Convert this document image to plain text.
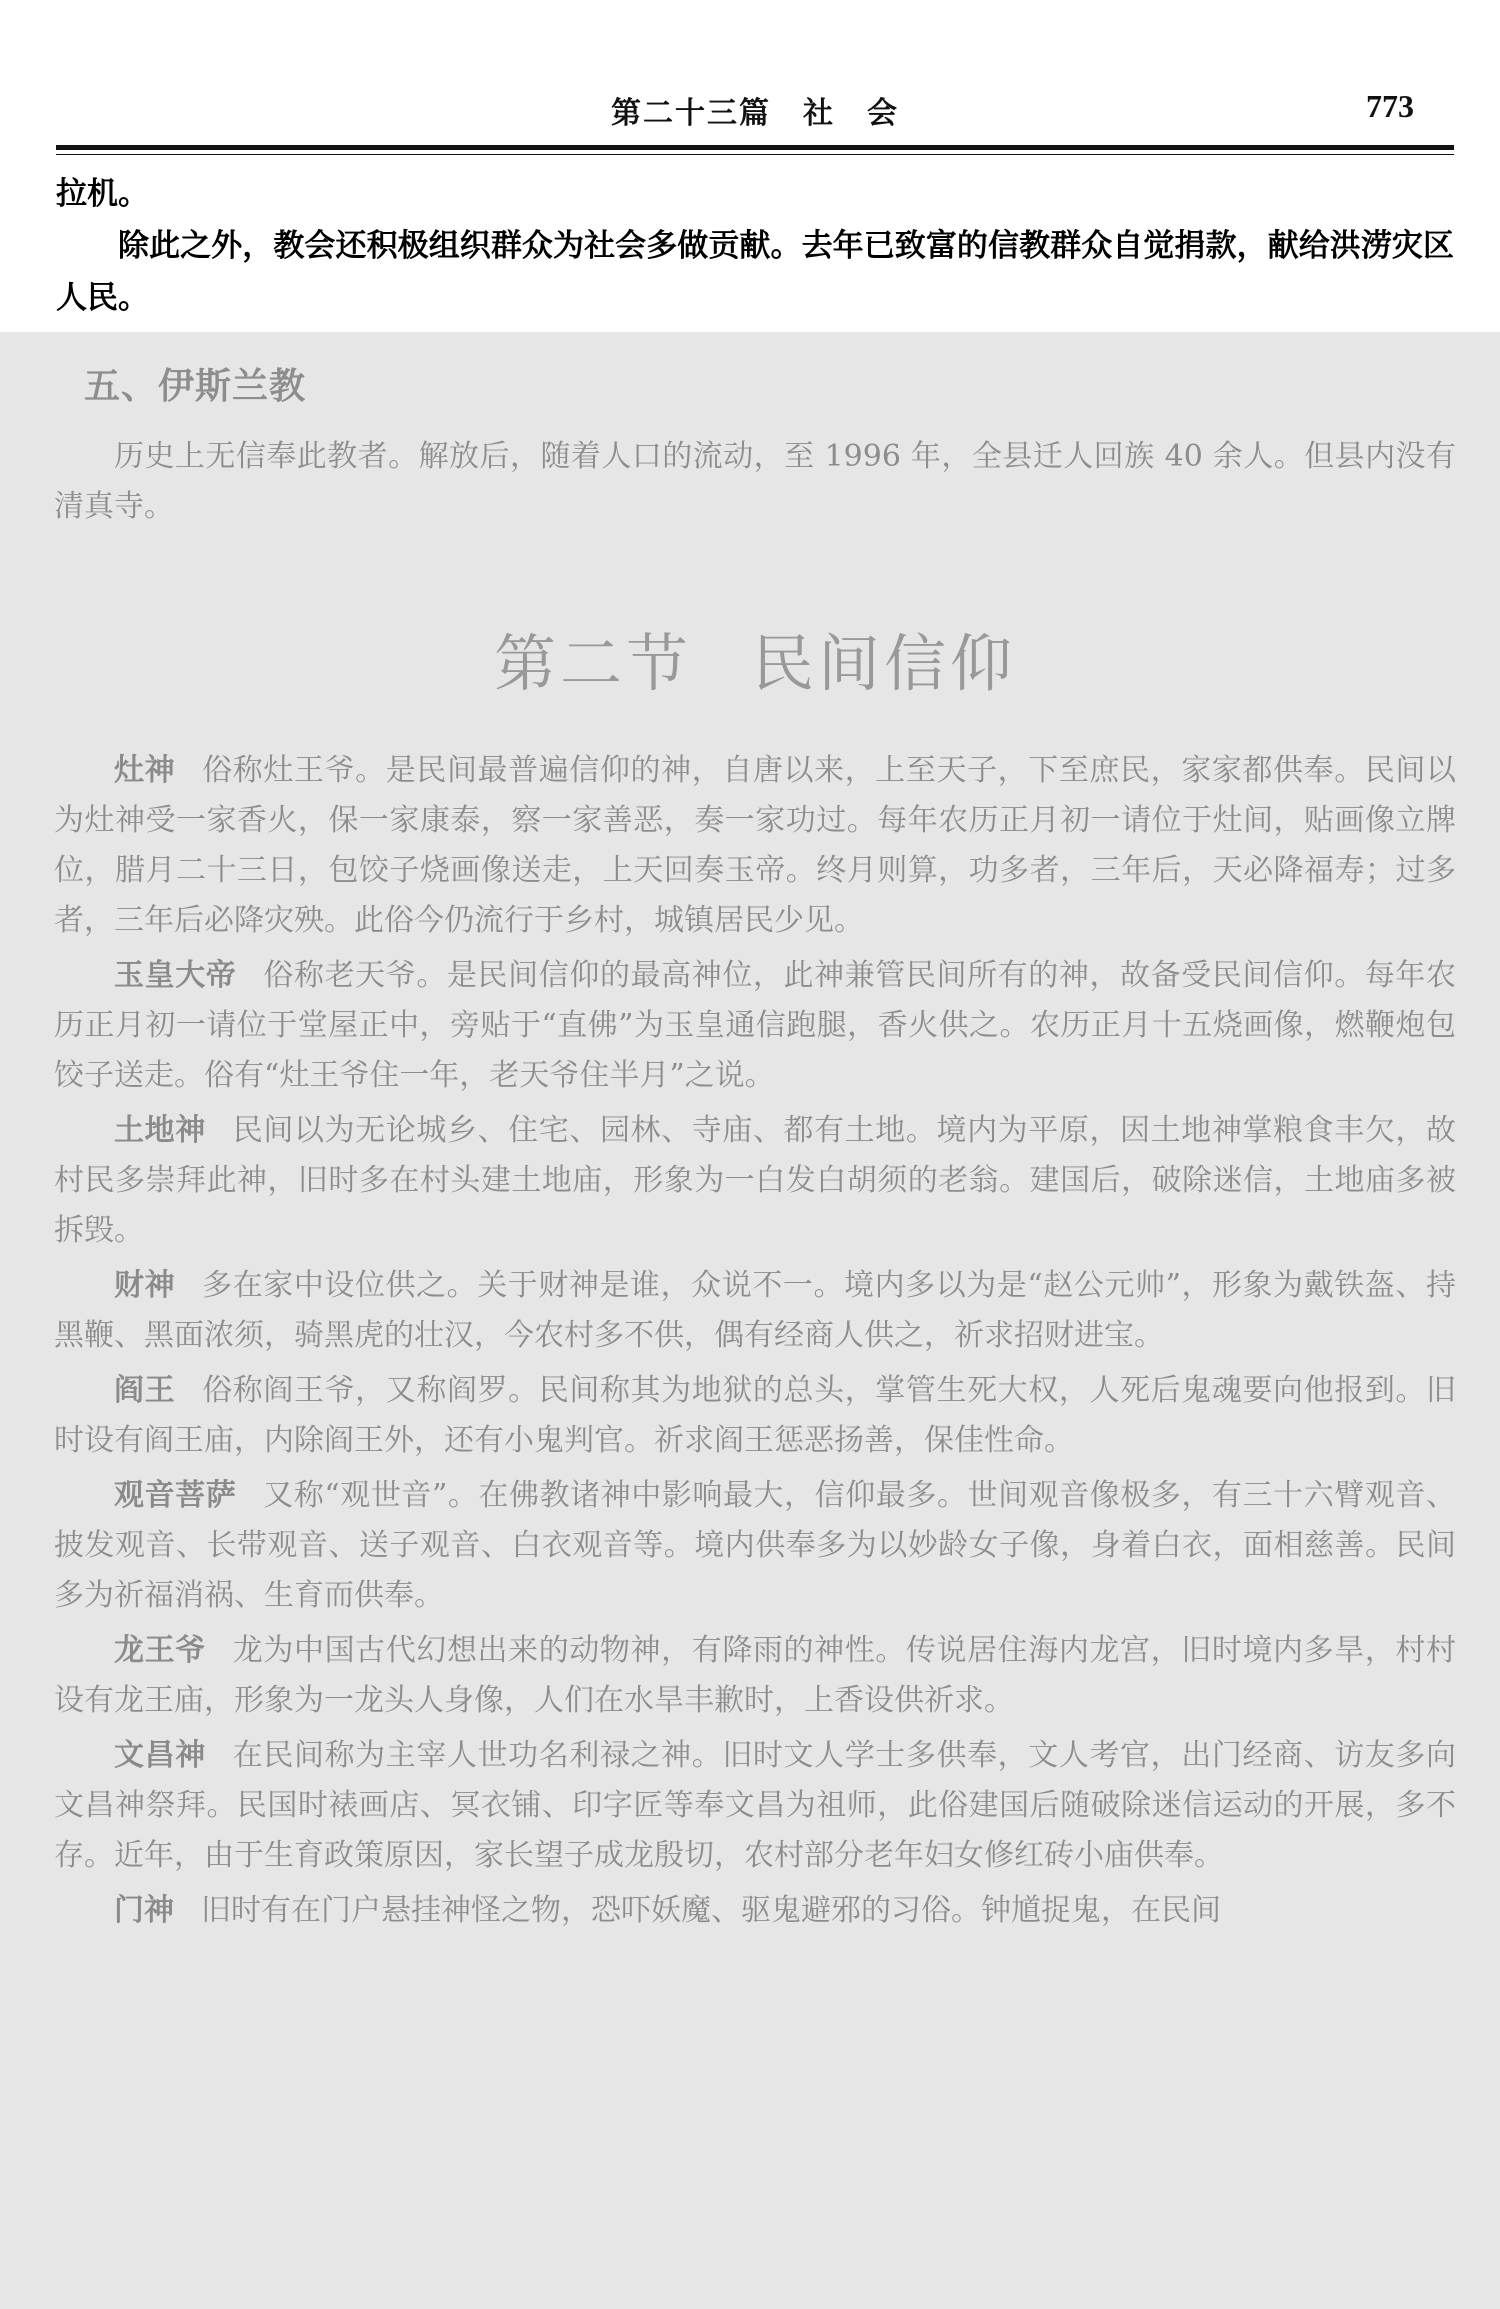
第二十三篇　社　会	773

拉机。

除此之外，教会还积极组织群众为社会多做贡献。去年已致富的信教群众自觉捐款，献给洪涝灾区人民。

五、伊斯兰教

历史上无信奉此教者。解放后，随着人口的流动，至 1996 年，全县迁人回族 40 余人。但县内没有清真寺。

第二节 民间信仰

灶神 俗称灶王爷。是民间最普遍信仰的神，自唐以来，上至天子，下至庶民，家家都供奉。民间以为灶神受一家香火，保一家康泰，察一家善恶，奏一家功过。每年农历正月初一请位于灶间，贴画像立牌位，腊月二十三日，包饺子烧画像送走，上天回奏玉帝。终月则算，功多者，三年后，天必降福寿；过多者，三年后必降灾殃。此俗今仍流行于乡村，城镇居民少见。

玉皇大帝 俗称老天爷。是民间信仰的最高神位，此神兼管民间所有的神，故备受民间信仰。每年农历正月初一请位于堂屋正中，旁贴于“直佛”为玉皇通信跑腿，香火供之。农历正月十五烧画像，燃鞭炮包饺子送走。俗有“灶王爷住一年，老天爷住半月”之说。

土地神 民间以为无论城乡、住宅、园林、寺庙、都有土地。境内为平原，因土地神掌粮食丰欠，故村民多崇拜此神，旧时多在村头建土地庙，形象为一白发白胡须的老翁。建国后，破除迷信，土地庙多被拆毁。

财神 多在家中设位供之。关于财神是谁，众说不一。境内多以为是“赵公元帅”，形象为戴铁盔、持黑鞭、黑面浓须，骑黑虎的壮汉，今农村多不供，偶有经商人供之，祈求招财进宝。

阎王 俗称阎王爷，又称阎罗。民间称其为地狱的总头，掌管生死大权，人死后鬼魂要向他报到。旧时设有阎王庙，内除阎王外，还有小鬼判官。祈求阎王惩恶扬善，保佳性命。

观音菩萨 又称“观世音”。在佛教诸神中影响最大，信仰最多。世间观音像极多，有三十六臂观音、披发观音、长带观音、送子观音、白衣观音等。境内供奉多为以妙龄女子像，身着白衣，面相慈善。民间多为祈福消祸、生育而供奉。

龙王爷 龙为中国古代幻想出来的动物神，有降雨的神性。传说居住海内龙宫，旧时境内多旱，村村设有龙王庙，形象为一龙头人身像，人们在水旱丰歉时，上香设供祈求。

文昌神 在民间称为主宰人世功名利禄之神。旧时文人学士多供奉，文人考官，出门经商、访友多向文昌神祭拜。民国时裱画店、冥衣铺、印字匠等奉文昌为祖师，此俗建国后随破除迷信运动的开展，多不存。近年，由于生育政策原因，家长望子成龙殷切，农村部分老年妇女修红砖小庙供奉。

门神 旧时有在门户悬挂神怪之物，恐吓妖魔、驱鬼避邪的习俗。钟馗捉鬼，在民间
